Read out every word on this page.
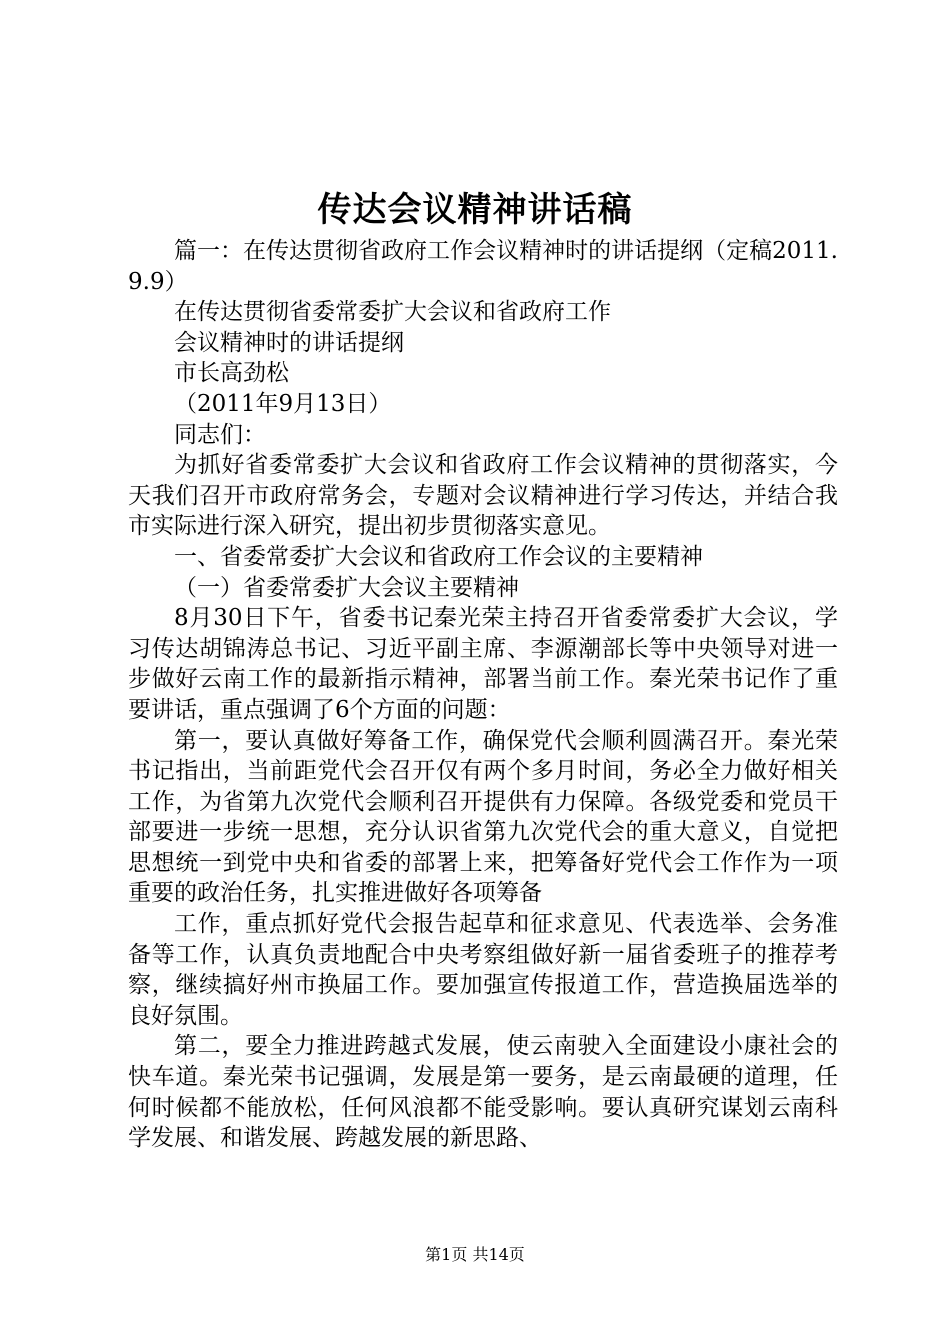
传达会议精神讲话稿

篇一：在传达贯彻省政府工作会议精神时的讲话提纲（定稿2011.9.9）

在传达贯彻省委常委扩大会议和省政府工作

会议精神时的讲话提纲

市长高劲松

（2011年9月13日）

同志们：

为抓好省委常委扩大会议和省政府工作会议精神的贯彻落实，今天我们召开市政府常务会，专题对会议精神进行学习传达，并结合我市实际进行深入研究，提出初步贯彻落实意见。

一、省委常委扩大会议和省政府工作会议的主要精神

（一）省委常委扩大会议主要精神

8月30日下午，省委书记秦光荣主持召开省委常委扩大会议，学习传达胡锦涛总书记、习近平副主席、李源潮部长等中央领导对进一步做好云南工作的最新指示精神，部署当前工作。秦光荣书记作了重要讲话，重点强调了6个方面的问题：

第一，要认真做好筹备工作，确保党代会顺利圆满召开。秦光荣书记指出，当前距党代会召开仅有两个多月时间，务必全力做好相关工作，为省第九次党代会顺利召开提供有力保障。各级党委和党员干部要进一步统一思想，充分认识省第九次党代会的重大意义，自觉把思想统一到党中央和省委的部署上来，把筹备好党代会工作作为一项重要的政治任务，扎实推进做好各项筹备

工作，重点抓好党代会报告起草和征求意见、代表选举、会务准备等工作，认真负责地配合中央考察组做好新一届省委班子的推荐考察，继续搞好州市换届工作。要加强宣传报道工作，营造换届选举的良好氛围。

第二，要全力推进跨越式发展，使云南驶入全面建设小康社会的快车道。秦光荣书记强调，发展是第一要务，是云南最硬的道理，任何时候都不能放松，任何风浪都不能受影响。要认真研究谋划云南科学发展、和谐发展、跨越发展的新思路、

第1页 共14页
